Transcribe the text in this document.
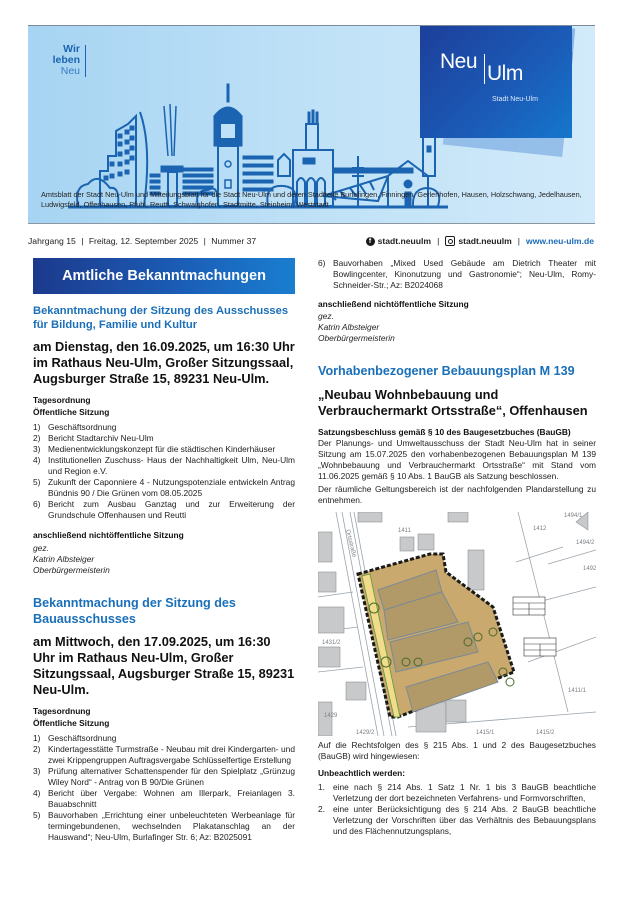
Wir
leben
Neu	Neu
Ulm
Stadt Neu-Ulm
Amtsblatt der Stadt Neu-Ulm und Mitteilungsblatt für die Stadt Neu-Ulm und deren Stadtteile Burlafingen, Finningen, Gerlenhofen, Hausen, Holzschwang, Jedelhausen, Ludwigsfeld, Offenhausen, Pfuhl, Reutti, Schwaighofen, Stadtmitte, Steinheim, Weststadt
Jahrgang 15 | Freitag, 12. September 2025 | Nummer 37	f stadt.neuulm | stadt.neuulm | www.neu-ulm.de
Amtliche Bekanntmachungen
Bekanntmachung der Sitzung des Ausschusses für Bildung, Familie und Kultur
am Dienstag, den 16.09.2025, um 16:30 Uhr im Rathaus Neu-Ulm, Großer Sitzungssaal, Augsburger Straße 15, 89231 Neu-Ulm.
Tagesordnung
Öffentliche Sitzung
1) Geschäftsordnung
2) Bericht Stadtarchiv Neu-Ulm
3) Medienentwicklungskonzept für die städtischen Kinderhäuser
4) Institutionellen Zuschuss- Haus der Nachhaltigkeit Ulm, Neu-Ulm und Region e.V.
5) Zukunft der Caponniere 4 - Nutzungspotenziale entwickeln Antrag Bündnis 90 / Die Grünen vom 08.05.2025
6) Bericht zum Ausbau Ganztag und zur Erweiterung der Grundschule Offenhausen und Reutti
anschließend nichtöffentliche Sitzung
gez.
Katrin Albsteiger
Oberbürgermeisterin
Bekanntmachung der Sitzung des Bauausschusses
am Mittwoch, den 17.09.2025, um 16:30 Uhr im Rathaus Neu-Ulm, Großer Sitzungssaal, Augsburger Straße 15, 89231 Neu-Ulm.
Tagesordnung
Öffentliche Sitzung
1) Geschäftsordnung
2) Kindertagesstätte Turmstraße - Neubau mit drei Kindergarten- und zwei Krippengruppen Auftragsvergabe Schlüsselfertige Erstellung
3) Prüfung alternativer Schattenspender für den Spielplatz „Grünzug Wiley Nord“ - Antrag von B 90/Die Grünen
4) Bericht über Vergabe: Wohnen am Illerpark, Freianlagen 3. Bauabschnitt
5) Bauvorhaben „Errichtung einer unbeleuchteten Werbeanlage für termingebundenen, wechselnden Plakatanschlag an der Hauswand“; Neu-Ulm, Burlafinger Str. 6; Az: B2025091
6) Bauvorhaben „Mixed Used Gebäude am Dietrich Theater mit Bowlingcenter, Kinonutzung und Gastronomie“; Neu-Ulm, Romy-Schneider-Str.; Az: B2024068
anschließend nichtöffentliche Sitzung
gez.
Katrin Albsteiger
Oberbürgermeisterin
Vorhabenbezogener Bebauungsplan M 139
„Neubau Wohnbebauung und Verbrauchermarkt Ortsstraße“, Offenhausen
Satzungsbeschluss gemäß § 10 des Baugesetzbuches (BauGB)
Der Planungs- und Umweltausschuss der Stadt Neu-Ulm hat in seiner Sitzung am 15.07.2025 den vorhabenbezogenen Bebauungsplan M 139 „Wohnbebauung und Verbrauchermarkt Ortsstraße“ mit Stand vom 11.06.2025 gemäß § 10 Abs. 1 BauGB als Satzung beschlossen.
Der räumliche Geltungsbereich ist der nachfolgenden Plandarstellung zu entnehmen.
Ortsstraße	1411	1412
1494/1
1494/2
1492
1431/2
1429
1415/1
1411/1
1415/2
1429/2
Auf die Rechtsfolgen des § 215 Abs. 1 und 2 des Baugesetzbuches (BauGB) wird hingewiesen:
Unbeachtlich werden:
1. eine nach § 214 Abs. 1 Satz 1 Nr. 1 bis 3 BauGB beachtliche Verletzung der dort bezeichneten Verfahrens- und Formvorschriften,
2. eine unter Berücksichtigung des § 214 Abs. 2 BauGB beachtliche Verletzung der Vorschriften über das Verhältnis des Bebauungsplans und des Flächennutzungsplans,
